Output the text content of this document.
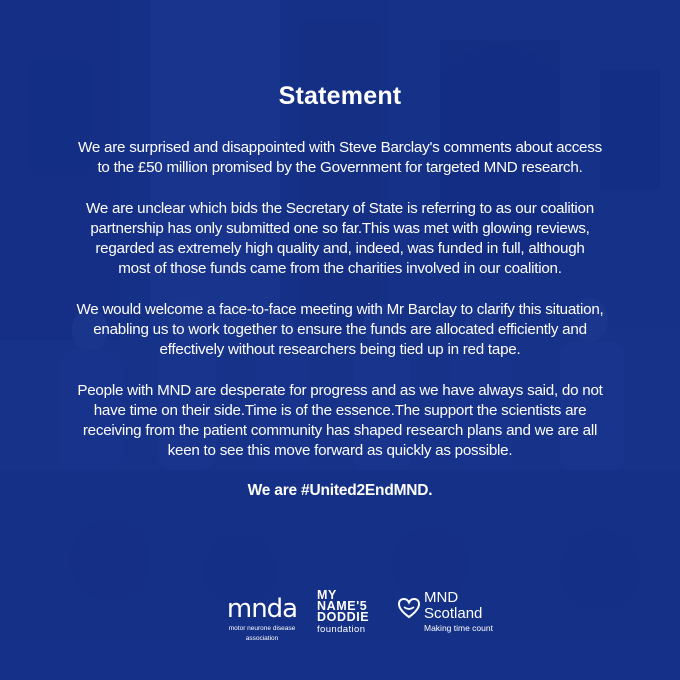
Statement

We are surprised and disappointed with Steve Barclay's comments about access
to the £50 million promised by the Government for targeted MND research.

We are unclear which bids the Secretary of State is referring to as our coalition
partnership has only submitted one so far.This was met with glowing reviews,
regarded as extremely high quality and, indeed, was funded in full, although
most of those funds came from the charities involved in our coalition.

We would welcome a face-to-face meeting with Mr Barclay to clarify this situation,
enabling us to work together to ensure the funds are allocated efficiently and
effectively without researchers being tied up in red tape.

People with MND are desperate for progress and as we have always said, do not
have time on their side.Time is of the essence.The support the scientists are
receiving from the patient community has shaped research plans and we are all
keen to see this move forward as quickly as possible.

We are #United2EndMND.

mnda
motor neurone disease
association
MY
NAME'5
DODDIE
foundation
MND
Scotland
Making time count
